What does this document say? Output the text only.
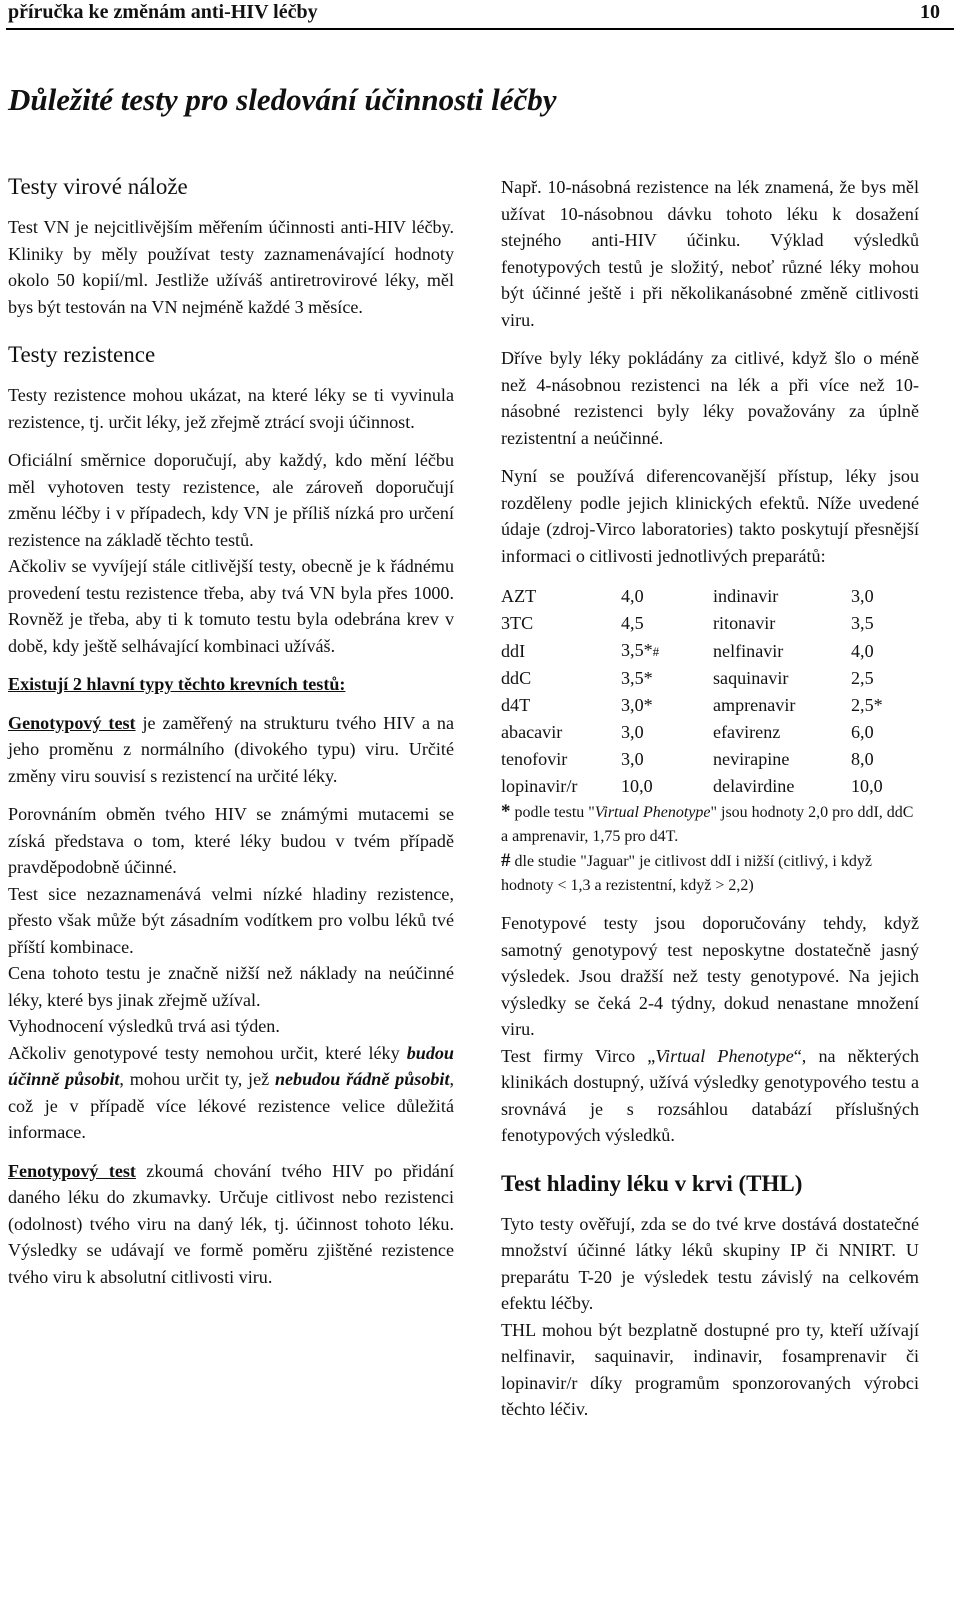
příručka ke změnám anti-HIV léčby	10
Důležité testy pro sledování účinnosti léčby

Testy virové nálože

Test VN je nejcitlivějším měřením účinnosti anti-HIV léčby. Kliniky by měly používat testy zaznamenávající hodnoty okolo 50 kopií/ml. Jestliže užíváš antiretrovirové léky, měl bys být testován na VN nejméně každé 3 měsíce.

Testy rezistence

Testy rezistence mohou ukázat, na které léky se ti vyvinula rezistence, tj. určit léky, jež zřejmě ztrácí svoji účinnost.

Oficiální směrnice doporučují, aby každý, kdo mění léčbu měl vyhotoven testy rezistence, ale zároveň doporučují změnu léčby i v případech, kdy VN je příliš nízká pro určení rezistence na základě těchto testů.

Ačkoliv se vyvíjejí stále citlivější testy, obecně je k řádnému provedení testu rezistence třeba, aby tvá VN byla přes 1000. Rovněž je třeba, aby ti k tomuto testu byla odebrána krev v době, kdy ještě selhávající kombinaci užíváš.

Existují 2 hlavní typy těchto krevních testů:

Genotypový test je zaměřený na strukturu tvého HIV a na jeho proměnu z normálního (divokého typu) viru. Určité změny viru souvisí s rezistencí na určité léky.

Porovnáním obměn tvého HIV se známými mutacemi se získá představa o tom, které léky budou v tvém případě pravděpodobně účinné.

Test sice nezaznamenává velmi nízké hladiny rezistence, přesto však může být zásadním vodítkem pro volbu léků tvé příští kombinace.

Cena tohoto testu je značně nižší než náklady na neúčinné léky, které bys jinak zřejmě užíval.

Vyhodnocení výsledků trvá asi týden.

Ačkoliv genotypové testy nemohou určit, které léky budou účinně působit, mohou určit ty, jež nebudou řádně působit, což je v případě více lékové rezistence velice důležitá informace.

Fenotypový test zkoumá chování tvého HIV po přidání daného léku do zkumavky. Určuje citlivost nebo rezistenci (odolnost) tvého viru na daný lék, tj. účinnost tohoto léku. Výsledky se udávají ve formě poměru zjištěné rezistence tvého viru k absolutní citlivosti viru.

Např. 10-násobná rezistence na lék znamená, že bys měl užívat 10-násobnou dávku tohoto léku k dosažení stejného anti-HIV účinku. Výklad výsledků fenotypových testů je složitý, neboť různé léky mohou být účinné ještě i při několikanásobné změně citlivosti viru.

Dříve byly léky pokládány za citlivé, když šlo o méně než 4-násobnou rezistenci na lék a při více než 10-násobné rezistenci byly léky považovány za úplně rezistentní a neúčinné.

Nyní se používá diferencovanější přístup, léky jsou rozděleny podle jejich klinických efektů. Níže uvedené údaje (zdroj-Virco laboratories) takto poskytují přesnější informaci o citlivosti jednotlivých preparátů:

AZT	4,0	indinavir	3,0
3TC	4,5	ritonavir	3,5
ddI	3,5*#	nelfinavir	4,0
ddC	3,5*	saquinavir	2,5
d4T	3,0*	amprenavir	2,5*
abacavir	3,0	efavirenz	6,0
tenofovir	3,0	nevirapine	8,0
lopinavir/r	10,0	delavirdine	10,0

* podle testu "Virtual Phenotype" jsou hodnoty 2,0 pro ddI, ddC a amprenavir, 1,75 pro d4T.
# dle studie "Jaguar" je citlivost ddI i nižší (citlivý, i když hodnoty < 1,3 a rezistentní, když > 2,2)

Fenotypové testy jsou doporučovány tehdy, když samotný genotypový test neposkytne dostatečně jasný výsledek. Jsou dražší než testy genotypové. Na jejich výsledky se čeká 2-4 týdny, dokud nenastane množení viru.

Test firmy Virco „Virtual Phenotype“, na některých klinikách dostupný, užívá výsledky genotypového testu a srovnává je s rozsáhlou databází příslušných fenotypových výsledků.

Test hladiny léku v krvi (THL)

Tyto testy ověřují, zda se do tvé krve dostává dostatečné množství účinné látky léků skupiny IP či NNIRT. U preparátu T-20 je výsledek testu závislý na celkovém efektu léčby.

THL mohou být bezplatně dostupné pro ty, kteří užívají nelfinavir, saquinavir, indinavir, fosamprenavir či lopinavir/r díky programům sponzorovaných výrobci těchto léčiv.
